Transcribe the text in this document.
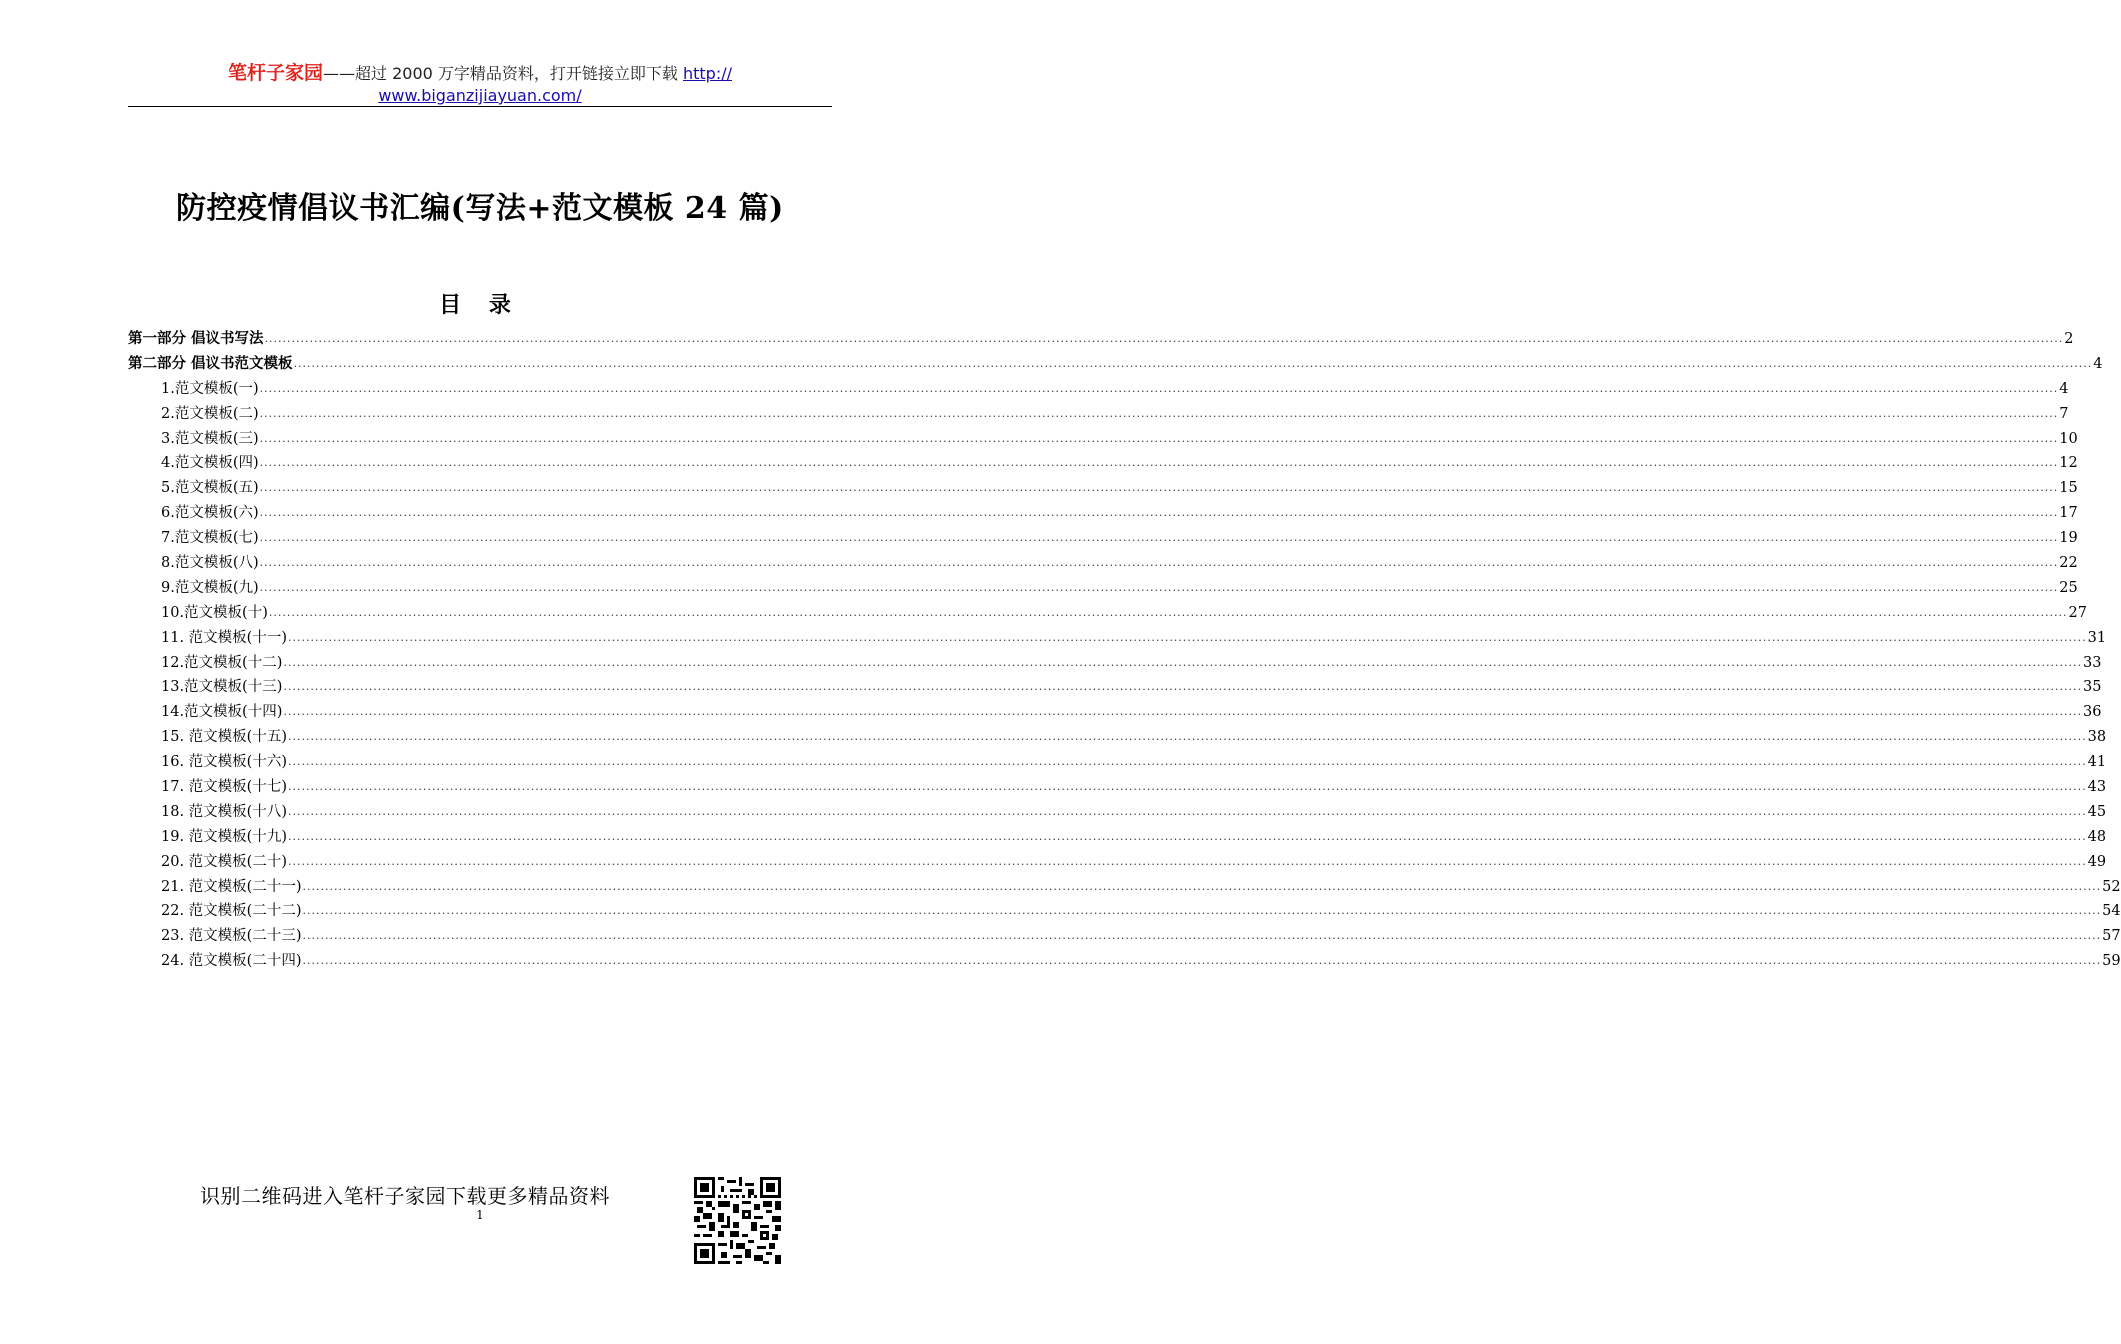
笔杆子家园——超过 2000 万字精品资料，打开链接立即下载 http://
www.biganzijiayuan.com/
防控疫情倡议书汇编(写法+范文模板 24 篇)
目 录
第一部分 倡议书写法 ................................................................................................................................................................................................................................................................................................................................................................................................................ 2
第二部分 倡议书范文模板 ................................................................................................................................................................................................................................................................................................................................................................................................................ 4
1.范文模板(一) ................................................................................................................................................................................................................................................................................................................................................................................................................ 4
2.范文模板(二) ................................................................................................................................................................................................................................................................................................................................................................................................................ 7
3.范文模板(三) ................................................................................................................................................................................................................................................................................................................................................................................................................ 10
4.范文模板(四) ................................................................................................................................................................................................................................................................................................................................................................................................................ 12
5.范文模板(五) ................................................................................................................................................................................................................................................................................................................................................................................................................ 15
6.范文模板(六) ................................................................................................................................................................................................................................................................................................................................................................................................................ 17
7.范文模板(七) ................................................................................................................................................................................................................................................................................................................................................................................................................ 19
8.范文模板(八) ................................................................................................................................................................................................................................................................................................................................................................................................................ 22
9.范文模板(九) ................................................................................................................................................................................................................................................................................................................................................................................................................ 25
10.范文模板(十) ................................................................................................................................................................................................................................................................................................................................................................................................................ 27
11. 范文模板(十一) ................................................................................................................................................................................................................................................................................................................................................................................................................ 31
12.范文模板(十二) ................................................................................................................................................................................................................................................................................................................................................................................................................ 33
13.范文模板(十三) ................................................................................................................................................................................................................................................................................................................................................................................................................ 35
14.范文模板(十四) ................................................................................................................................................................................................................................................................................................................................................................................................................ 36
15. 范文模板(十五) ................................................................................................................................................................................................................................................................................................................................................................................................................ 38
16. 范文模板(十六) ................................................................................................................................................................................................................................................................................................................................................................................................................ 41
17. 范文模板(十七) ................................................................................................................................................................................................................................................................................................................................................................................................................ 43
18. 范文模板(十八) ................................................................................................................................................................................................................................................................................................................................................................................................................ 45
19. 范文模板(十九) ................................................................................................................................................................................................................................................................................................................................................................................................................ 48
20. 范文模板(二十) ................................................................................................................................................................................................................................................................................................................................................................................................................ 49
21. 范文模板(二十一) ................................................................................................................................................................................................................................................................................................................................................................................................................ 52
22. 范文模板(二十二) ................................................................................................................................................................................................................................................................................................................................................................................................................ 54
23. 范文模板(二十三) ................................................................................................................................................................................................................................................................................................................................................................................................................ 57
24. 范文模板(二十四) ................................................................................................................................................................................................................................................................................................................................................................................................................ 59
识别二维码进入笔杆子家园下载更多精品资料
1
